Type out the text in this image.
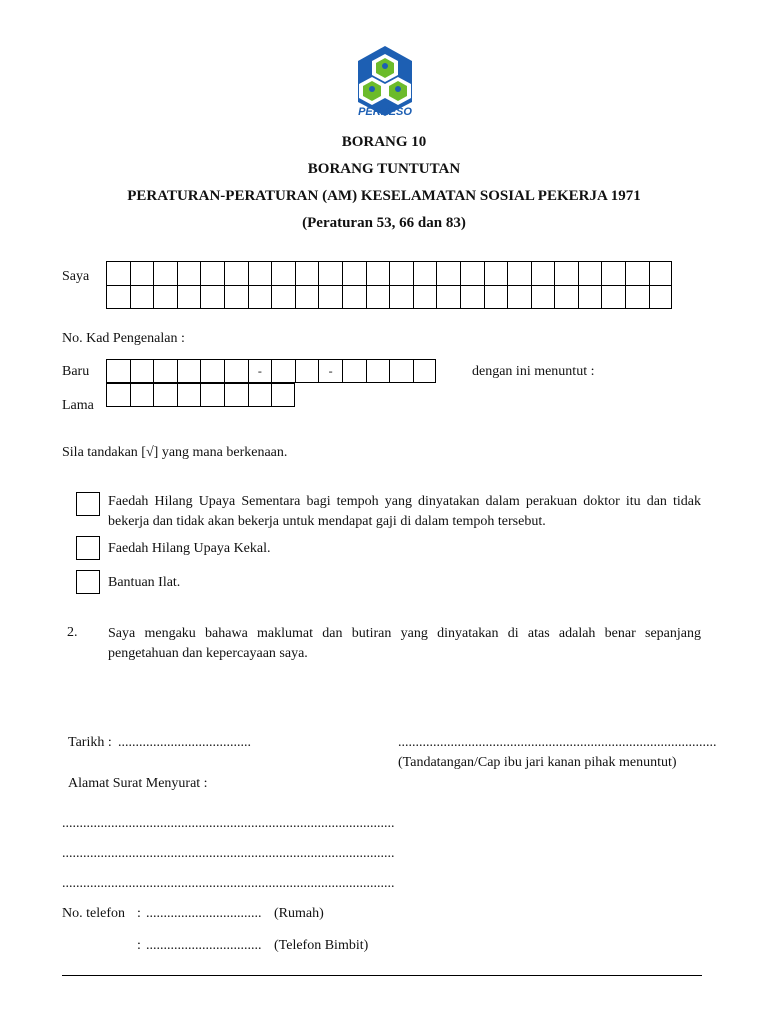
PERKESO
BORANG 10
BORANG TUNTUTAN
PERATURAN-PERATURAN (AM) KESELAMATAN SOSIAL PEKERJA 1971
(Peraturan 53, 66 dan 83)
Saya
No. Kad Pengenalan :
Baru	-	-	dengan ini menuntut :
Lama
Sila tandakan [√] yang mana berkenaan.
Faedah Hilang Upaya Sementara bagi tempoh yang dinyatakan dalam perakuan doktor itu dan tidak bekerja dan tidak akan bekerja untuk mendapat gaji di dalam tempoh tersebut.
Faedah Hilang Upaya Kekal.
Bantuan Ilat.
2. Saya mengaku bahawa maklumat dan butiran yang dinyatakan di atas adalah benar sepanjang pengetahuan dan kepercayaan saya.
Tarikh : ......................................	...........................................................................................
(Tandatangan/Cap ibu jari kanan pihak menuntut)
Alamat Surat Menyurat :
...............................................................................................
...............................................................................................
...............................................................................................
No. telefon : ................................. (Rumah)
: ................................. (Telefon Bimbit)
